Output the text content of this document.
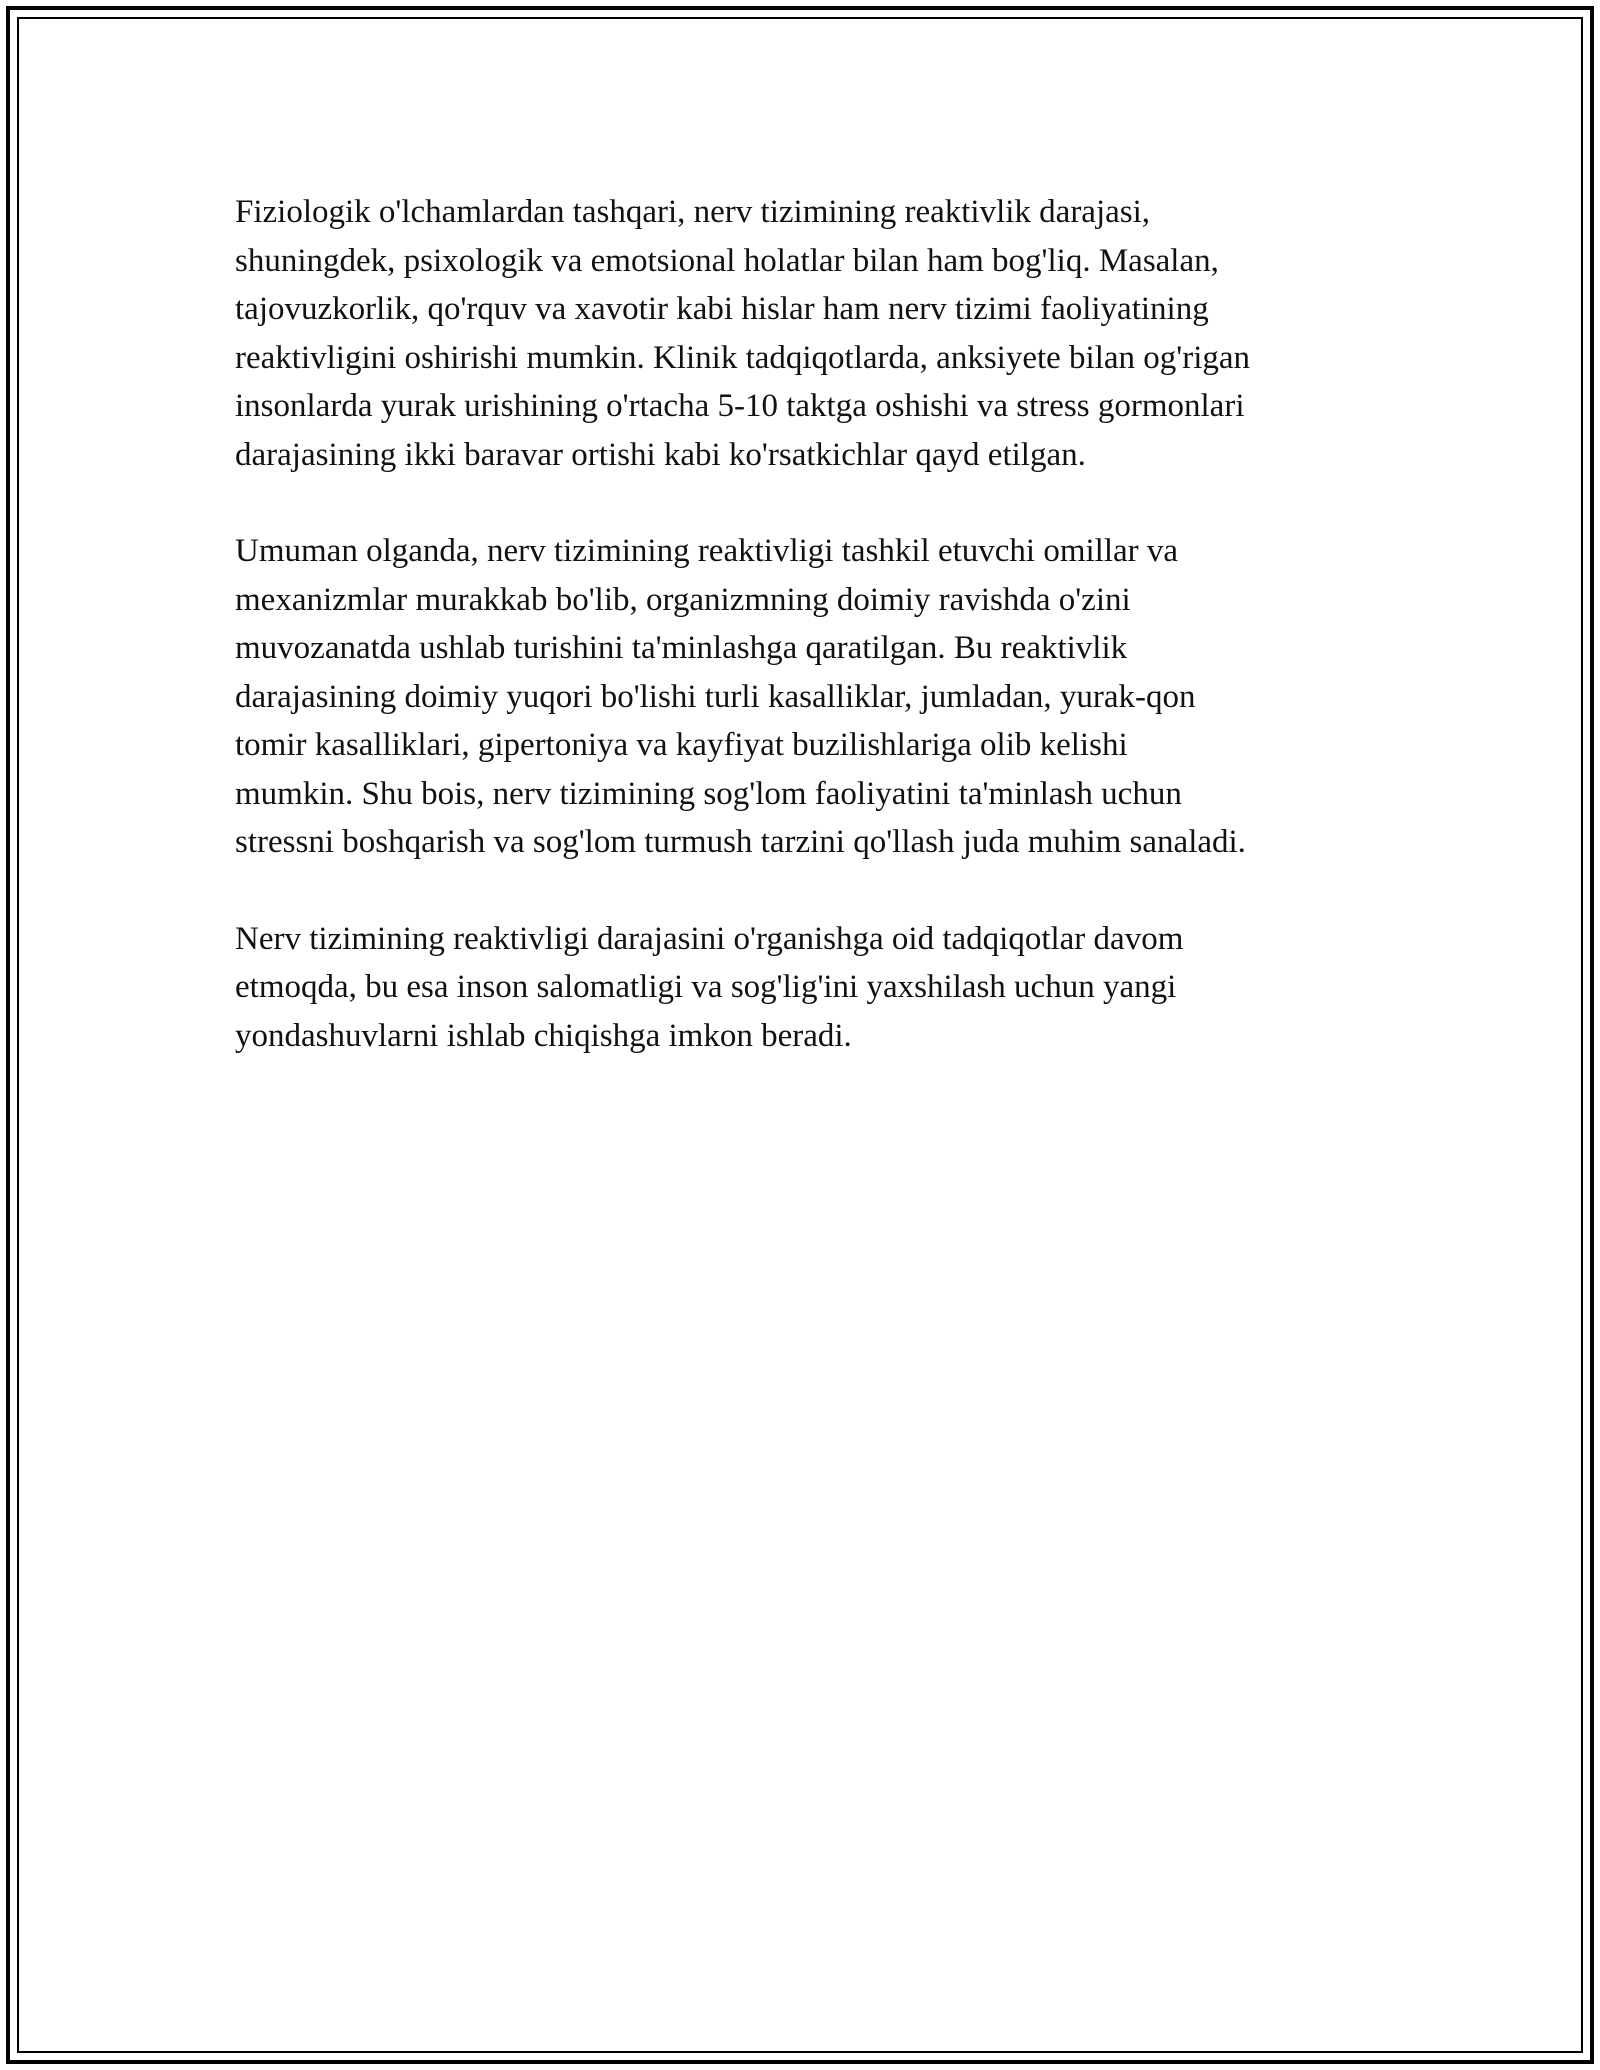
Fiziologik o'lchamlardan tashqari, nerv tizimining reaktivlik darajasi,
shuningdek, psixologik va emotsional holatlar bilan ham bog'liq. Masalan,
tajovuzkorlik, qo'rquv va xavotir kabi hislar ham nerv tizimi faoliyatining
reaktivligini oshirishi mumkin. Klinik tadqiqotlarda, anksiyete bilan og'rigan
insonlarda yurak urishining o'rtacha 5-10 taktga oshishi va stress gormonlari
darajasining ikki baravar ortishi kabi ko'rsatkichlar qayd etilgan.

Umuman olganda, nerv tizimining reaktivligi tashkil etuvchi omillar va
mexanizmlar murakkab bo'lib, organizmning doimiy ravishda o'zini
muvozanatda ushlab turishini ta'minlashga qaratilgan. Bu reaktivlik
darajasining doimiy yuqori bo'lishi turli kasalliklar, jumladan, yurak-qon
tomir kasalliklari, gipertoniya va kayfiyat buzilishlariga olib kelishi
mumkin. Shu bois, nerv tizimining sog'lom faoliyatini ta'minlash uchun
stressni boshqarish va sog'lom turmush tarzini qo'llash juda muhim sanaladi.

Nerv tizimining reaktivligi darajasini o'rganishga oid tadqiqotlar davom
etmoqda, bu esa inson salomatligi va sog'lig'ini yaxshilash uchun yangi
yondashuvlarni ishlab chiqishga imkon beradi.
